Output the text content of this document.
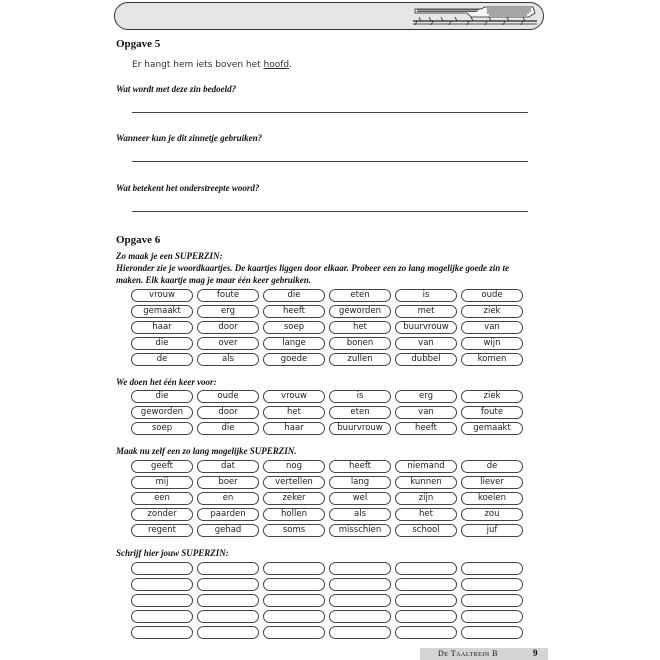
Opgave 5
Er hangt hem iets boven het hoofd.
Wat wordt met deze zin bedoeld?
Wanneer kun je dit zinnetje gebruiken?
Wat betekent het onderstreepte woord?
Opgave 6
Zo maak je een SUPERZIN:
Hieronder zie je woordkaartjes. De kaartjes liggen door elkaar. Probeer een zo lang mogelijke goede zin te maken. Elk kaartje mag je maar één keer gebruiken.
vrouw	foute	die	eten	is	oude
gemaakt	erg	heeft	geworden	met	ziek
haar	door	soep	het	buurvrouw	van
die	over	lange	bonen	van	wijn
de	als	goede	zullen	dubbel	komen
We doen het één keer voor:
die	oude	vrouw	is	erg	ziek
geworden	door	het	eten	van	foute
soep	die	haar	buurvrouw	heeft	gemaakt
Maak nu zelf een zo lang mogelijke SUPERZIN.
geeft	dat	nog	heeft	niemand	de
mij	boer	vertellen	lang	kunnen	liever
een	en	zeker	wel	zijn	koeien
zonder	paarden	hollen	als	het	zou
regent	gehad	soms	misschien	school	juf
Schrijf hier jouw SUPERZIN:
De Taaltrein B	9
